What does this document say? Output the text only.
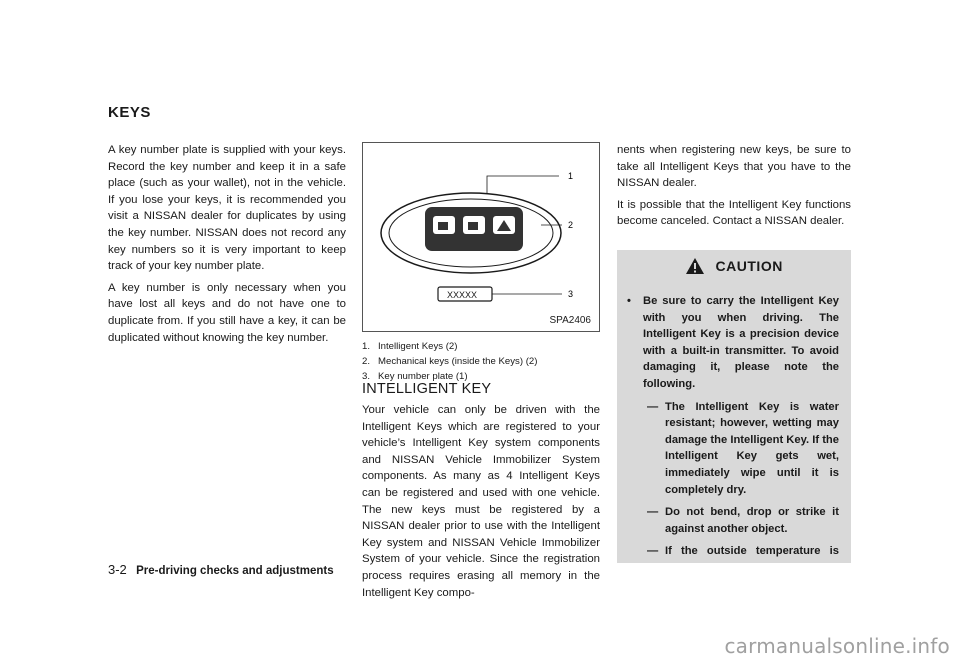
KEYS

A key number plate is supplied with your keys. Record the key number and keep it in a safe place (such as your wallet), not in the vehicle. If you lose your keys, it is recommended you visit a NISSAN dealer for duplicates by using the key number. NISSAN does not record any key numbers so it is very important to keep track of your key number plate.

A key number is only necessary when you have lost all keys and do not have one to duplicate from. If you still have a key, it can be duplicated without knowing the key number.

XXXXX
1
2
3
SPA2406
1. Intelligent Keys (2)
2. Mechanical keys (inside the Keys) (2)
3. Key number plate (1)
INTELLIGENT KEY

Your vehicle can only be driven with the Intelligent Keys which are registered to your vehicle’s Intelligent Key system components and NISSAN Vehicle Immobilizer System components. As many as 4 Intelligent Keys can be registered and used with one vehicle. The new keys must be registered by a NISSAN dealer prior to use with the Intelligent Key system and NISSAN Vehicle Immobilizer System of your vehicle. Since the registration process requires erasing all memory in the Intelligent Key compo-

nents when registering new keys, be sure to take all Intelligent Keys that you have to the NISSAN dealer.

It is possible that the Intelligent Key functions become canceled. Contact a NISSAN dealer.

CAUTION
•	Be sure to carry the Intelligent Key with you when driving. The Intelligent Key is a precision device with a built-in transmitter. To avoid damaging it, please note the following.
— The Intelligent Key is water resistant; however, wetting may damage the Intelligent Key. If the Intelligent Key gets wet, immediately wipe until it is completely dry.
— Do not bend, drop or strike it against another object.
— If the outside temperature is
3-2 Pre-driving checks and adjustments
carmanualsonline.info
